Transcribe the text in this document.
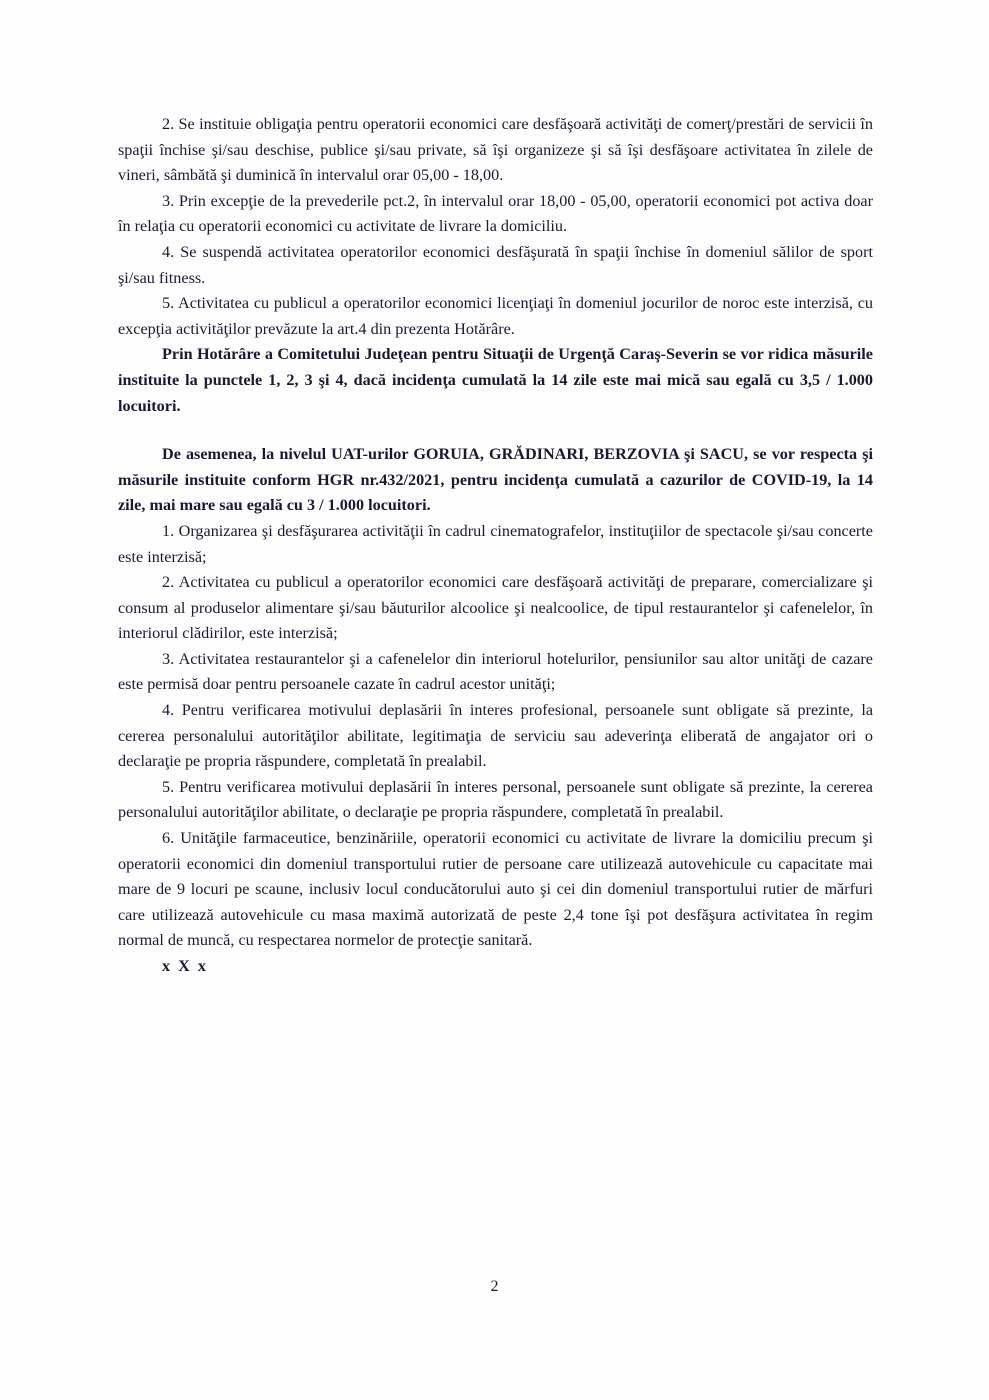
2. Se instituie obligaţia pentru operatorii economici care desfăşoară activităţi de comerţ/prestări de servicii în spaţii închise şi/sau deschise, publice şi/sau private, să îşi organizeze şi să îşi desfăşoare activitatea în zilele de vineri, sâmbătă şi duminică în intervalul orar 05,00 - 18,00.

3. Prin excepţie de la prevederile pct.2, în intervalul orar 18,00 - 05,00, operatorii economici pot activa doar în relaţia cu operatorii economici cu activitate de livrare la domiciliu.

4. Se suspendă activitatea operatorilor economici desfăşurată în spaţii închise în domeniul sălilor de sport şi/sau fitness.

5. Activitatea cu publicul a operatorilor economici licenţiaţi în domeniul jocurilor de noroc este interzisă, cu excepţia activităţilor prevăzute la art.4 din prezenta Hotărâre.

Prin Hotărâre a Comitetului Judeţean pentru Situaţii de Urgenţă Caraş-Severin se vor ridica măsurile instituite la punctele 1, 2, 3 şi 4, dacă incidenţa cumulată la 14 zile este mai mică sau egală cu 3,5 / 1.000 locuitori.

De asemenea, la nivelul UAT-urilor GORUIA, GRĂDINARI, BERZOVIA şi SACU, se vor respecta şi măsurile instituite conform HGR nr.432/2021, pentru incidenţa cumulată a cazurilor de COVID-19, la 14 zile, mai mare sau egală cu 3 / 1.000 locuitori.

1. Organizarea şi desfăşurarea activităţii în cadrul cinematografelor, instituţiilor de spectacole şi/sau concerte este interzisă;

2. Activitatea cu publicul a operatorilor economici care desfăşoară activităţi de preparare, comercializare şi consum al produselor alimentare şi/sau băuturilor alcoolice şi nealcoolice, de tipul restaurantelor şi cafenelelor, în interiorul clădirilor, este interzisă;

3. Activitatea restaurantelor şi a cafenelelor din interiorul hotelurilor, pensiunilor sau altor unităţi de cazare este permisă doar pentru persoanele cazate în cadrul acestor unităţi;

4. Pentru verificarea motivului deplasării în interes profesional, persoanele sunt obligate să prezinte, la cererea personalului autorităţilor abilitate, legitimaţia de serviciu sau adeverinţa eliberată de angajator ori o declaraţie pe propria răspundere, completată în prealabil.

5. Pentru verificarea motivului deplasării în interes personal, persoanele sunt obligate să prezinte, la cererea personalului autorităţilor abilitate, o declaraţie pe propria răspundere, completată în prealabil.

6. Unităţile farmaceutice, benzinăriile, operatorii economici cu activitate de livrare la domiciliu precum şi operatorii economici din domeniul transportului rutier de persoane care utilizează autovehicule cu capacitate mai mare de 9 locuri pe scaune, inclusiv locul conducătorului auto şi cei din domeniul transportului rutier de mărfuri care utilizează autovehicule cu masa maximă autorizată de peste 2,4 tone îşi pot desfăşura activitatea în regim normal de muncă, cu respectarea normelor de protecţie sanitară.

x X x

2
